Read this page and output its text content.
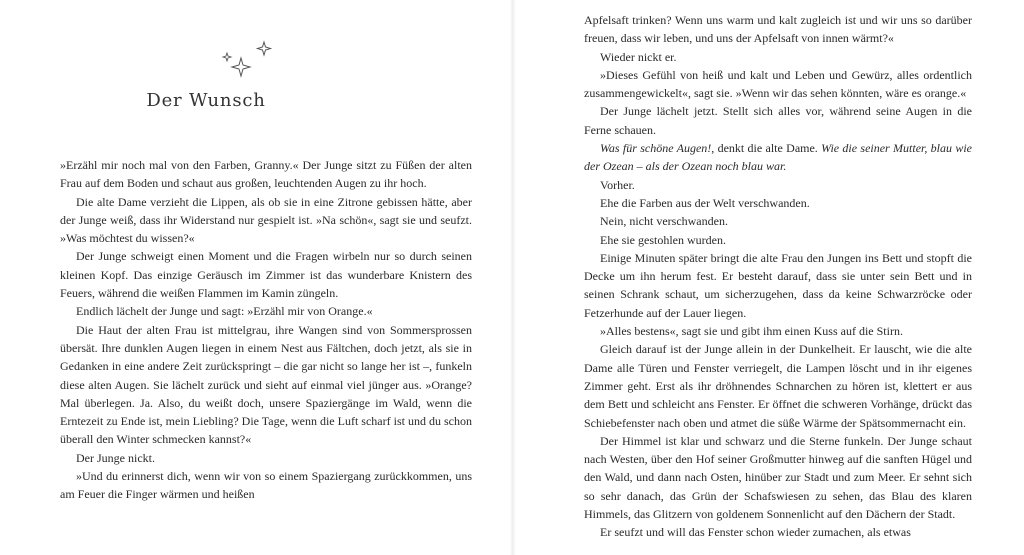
Der Wunsch

»Erzähl mir noch mal von den Farben, Granny.« Der Junge sitzt zu Füßen der alten Frau auf dem Boden und schaut aus großen, leuchtenden Augen zu ihr hoch.

Die alte Dame verzieht die Lippen, als ob sie in eine Zitrone gebissen hätte, aber der Junge weiß, dass ihr Widerstand nur gespielt ist. »Na schön«, sagt sie und seufzt. »Was möchtest du wissen?«

Der Junge schweigt einen Moment und die Fragen wirbeln nur so durch seinen kleinen Kopf. Das einzige Geräusch im Zimmer ist das wunderbare Knistern des Feuers, während die weißen Flammen im Kamin züngeln.

Endlich lächelt der Junge und sagt: »Erzähl mir von Orange.«

Die Haut der alten Frau ist mittelgrau, ihre Wangen sind von Sommersprossen übersät. Ihre dunklen Augen liegen in einem Nest aus Fältchen, doch jetzt, als sie in Gedanken in eine andere Zeit zurückspringt – die gar nicht so lange her ist –, funkeln diese alten Augen. Sie lächelt zurück und sieht auf einmal viel jünger aus. »Orange? Mal überlegen. Ja. Also, du weißt doch, unsere Spaziergänge im Wald, wenn die Erntezeit zu Ende ist, mein Liebling? Die Tage, wenn die Luft scharf ist und du schon überall den Winter schmecken kannst?«

Der Junge nickt.

»Und du erinnerst dich, wenn wir von so einem Spaziergang zurückkommen, uns am Feuer die Finger wärmen und heißen

Apfelsaft trinken? Wenn uns warm und kalt zugleich ist und wir uns so darüber freuen, dass wir leben, und uns der Apfelsaft von innen wärmt?«

Wieder nickt er.

»Dieses Gefühl von heiß und kalt und Leben und Gewürz, alles ordentlich zusammengewickelt«, sagt sie. »Wenn wir das sehen könnten, wäre es orange.«

Der Junge lächelt jetzt. Stellt sich alles vor, während seine Augen in die Ferne schauen.

Was für schöne Augen!, denkt die alte Dame. Wie die seiner Mutter, blau wie der Ozean – als der Ozean noch blau war.

Vorher.

Ehe die Farben aus der Welt verschwanden.

Nein, nicht verschwanden.

Ehe sie gestohlen wurden.

Einige Minuten später bringt die alte Frau den Jungen ins Bett und stopft die Decke um ihn herum fest. Er besteht darauf, dass sie unter sein Bett und in seinen Schrank schaut, um sicherzugehen, dass da keine Schwarzröcke oder Fetzerhunde auf der Lauer liegen.

»Alles bestens«, sagt sie und gibt ihm einen Kuss auf die Stirn.

Gleich darauf ist der Junge allein in der Dunkelheit. Er lauscht, wie die alte Dame alle Türen und Fenster verriegelt, die Lampen löscht und in ihr eigenes Zimmer geht. Erst als ihr dröhnendes Schnarchen zu hören ist, klettert er aus dem Bett und schleicht ans Fenster. Er öffnet die schweren Vorhänge, drückt das Schiebefenster nach oben und atmet die süße Wärme der Spätsommernacht ein.

Der Himmel ist klar und schwarz und die Sterne funkeln. Der Junge schaut nach Westen, über den Hof seiner Großmutter hinweg auf die sanften Hügel und den Wald, und dann nach Osten, hinüber zur Stadt und zum Meer. Er sehnt sich so sehr danach, das Grün der Schafswiesen zu sehen, das Blau des klaren Himmels, das Glitzern von goldenem Sonnenlicht auf den Dächern der Stadt.

Er seufzt und will das Fenster schon wieder zumachen, als etwas
